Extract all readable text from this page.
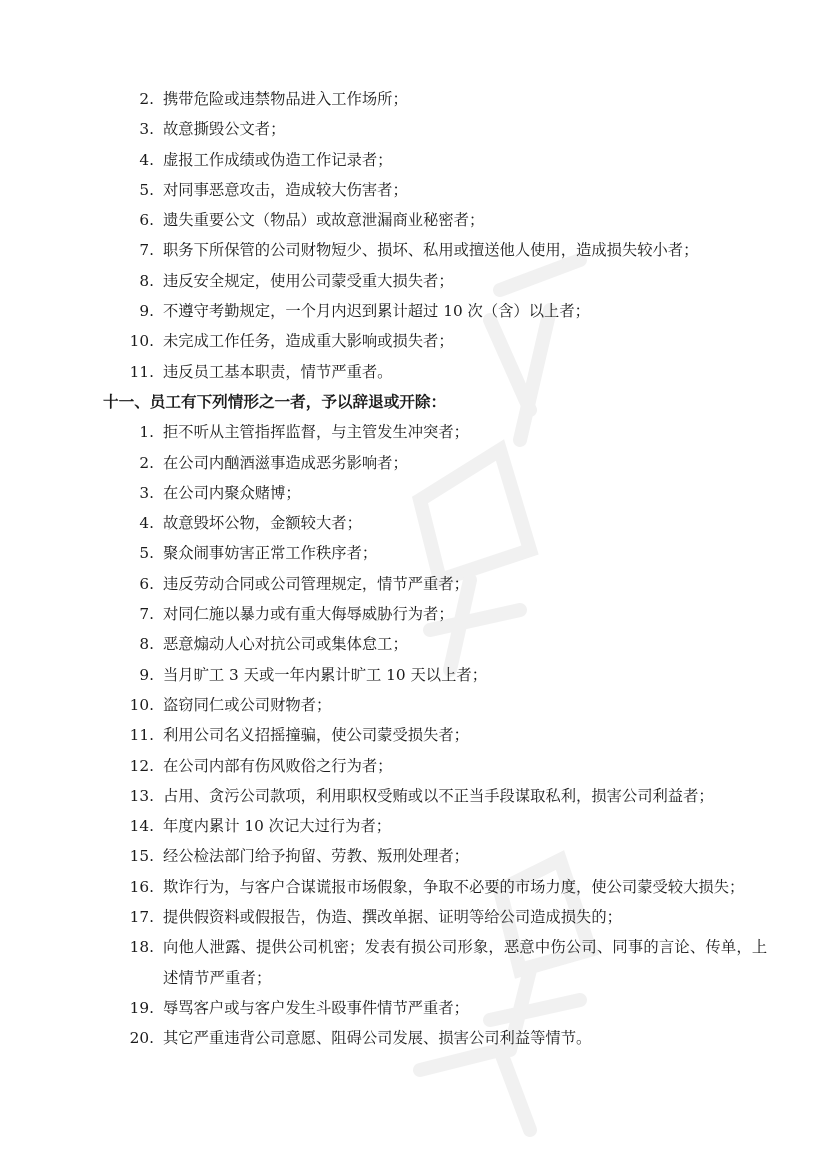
2. 携带危险或违禁物品进入工作场所；
3. 故意撕毁公文者；
4. 虚报工作成绩或伪造工作记录者；
5. 对同事恶意攻击，造成较大伤害者；
6. 遗失重要公文（物品）或故意泄漏商业秘密者；
7. 职务下所保管的公司财物短少、损坏、私用或擅送他人使用，造成损失较小者；
8. 违反安全规定，使用公司蒙受重大损失者；
9. 不遵守考勤规定，一个月内迟到累计超过 10 次（含）以上者；
10. 未完成工作任务，造成重大影响或损失者；
11. 违反员工基本职责，情节严重者。
十一、员工有下列情形之一者，予以辞退或开除：
1. 拒不听从主管指挥监督，与主管发生冲突者；
2. 在公司内酗酒滋事造成恶劣影响者；
3. 在公司内聚众赌博；
4. 故意毁坏公物，金额较大者；
5. 聚众闹事妨害正常工作秩序者；
6. 违反劳动合同或公司管理规定，情节严重者；
7. 对同仁施以暴力或有重大侮辱威胁行为者；
8. 恶意煽动人心对抗公司或集体怠工；
9. 当月旷工 3 天或一年内累计旷工 10 天以上者；
10. 盗窃同仁或公司财物者；
11. 利用公司名义招摇撞骗，使公司蒙受损失者；
12. 在公司内部有伤风败俗之行为者；
13. 占用、贪污公司款项，利用职权受贿或以不正当手段谋取私利，损害公司利益者；
14. 年度内累计 10 次记大过行为者；
15. 经公检法部门给予拘留、劳教、叛刑处理者；
16. 欺诈行为，与客户合谋谎报市场假象，争取不必要的市场力度，使公司蒙受较大损失；
17. 提供假资料或假报告，伪造、撰改单据、证明等给公司造成损失的；
18. 向他人泄露、提供公司机密；发表有损公司形象，恶意中伤公司、同事的言论、传单，上述情节严重者；
19. 辱骂客户或与客户发生斗殴事件情节严重者；
20. 其它严重违背公司意愿、阻碍公司发展、损害公司利益等情节。
